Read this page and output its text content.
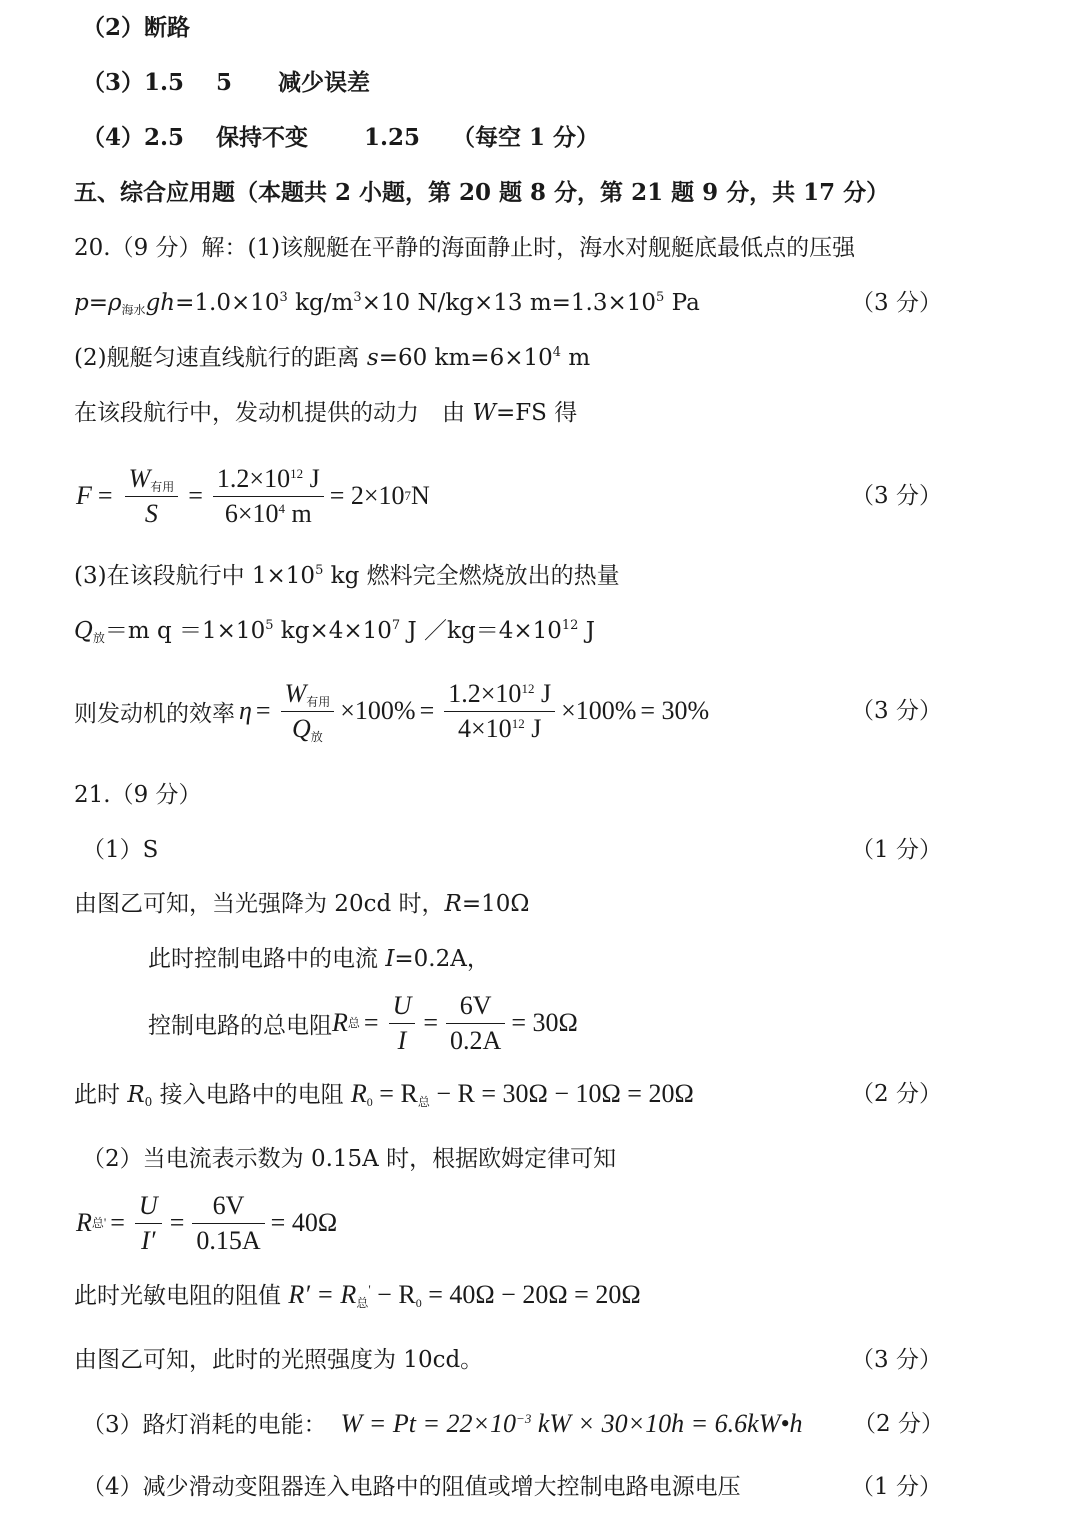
（2）断路
（3）1.5 5 减少误差
（4）2.5 保持不变 1.25 （每空 1 分）
五、综合应用题（本题共 2 小题，第 20 题 8 分，第 21 题 9 分，共 17 分）
20.（9 分）解：(1)该舰艇在平静的海面静止时，海水对舰艇底最低点的压强
$p=\rho_{海水}gh=1.0\times 10^3$ $kg/m^3\times 10$ N/kg×13 $m=1.3\times 10^5$ Pa	（3 分）
(2)舰艇匀速直线航行的距离 s=60 $km=6\times 10^4$ m
在该段航行中，发动机提供的动力　由 W=FS 得
$F = \frac{W_{有用}}{S} = \frac{1.2\times 10^{12} J}{6\times 10^4 m} = 2\times 10$ 7 N	（3 分）
(3)在该段航行中 $1\times 10^5$ kg 燃料完全燃烧放出的热量
$Q_放=m$ $q =1\times 10^5$ $kg\times 4\times 10^7$ J $/kg=4\times 10^{12}$ J
则发动机的效率 $\eta = \frac{W_{有用}}{Q_放} \times 100\% = \frac{1.2\times 10^{12} J}{4\times 10^{12} J} \times 100\% = 30\%$	（3 分）
21.（9 分）
（1）S	（1 分）
由图乙可知，当光强降为 20cd 时，R=10Ω
此时控制电路中的电流 I=0.2A，
控制电路的总电阻 R 总 = $\frac{U}{I} = \frac{6V}{0.2A} = 30\Omega$
此时 $R_0$ 接入电路中的电阻 $R_0 = R_总 - R = 30\Omega - 10\Omega = 20\Omega$	（2 分）
（2）当电流表示数为 0.15A 时，根据欧姆定律可知
R 总 ' = $\frac{U}{I'} = \frac{6V}{0.15A} = 40\Omega$
此时光敏电阻的阻值 $R' = R_总' - R_0 = 40\Omega - 20\Omega = 20\Omega$
由图乙可知，此时的光照强度为 10cd。	（3 分）
（3）路灯消耗的电能： $W = Pt = 22\times 10^{-3}$ kW × 30×10h = 6.6kW•h （2 分）
（4）减少滑动变阻器连入电路中的阻值或增大控制电路电源电压	（1 分）
